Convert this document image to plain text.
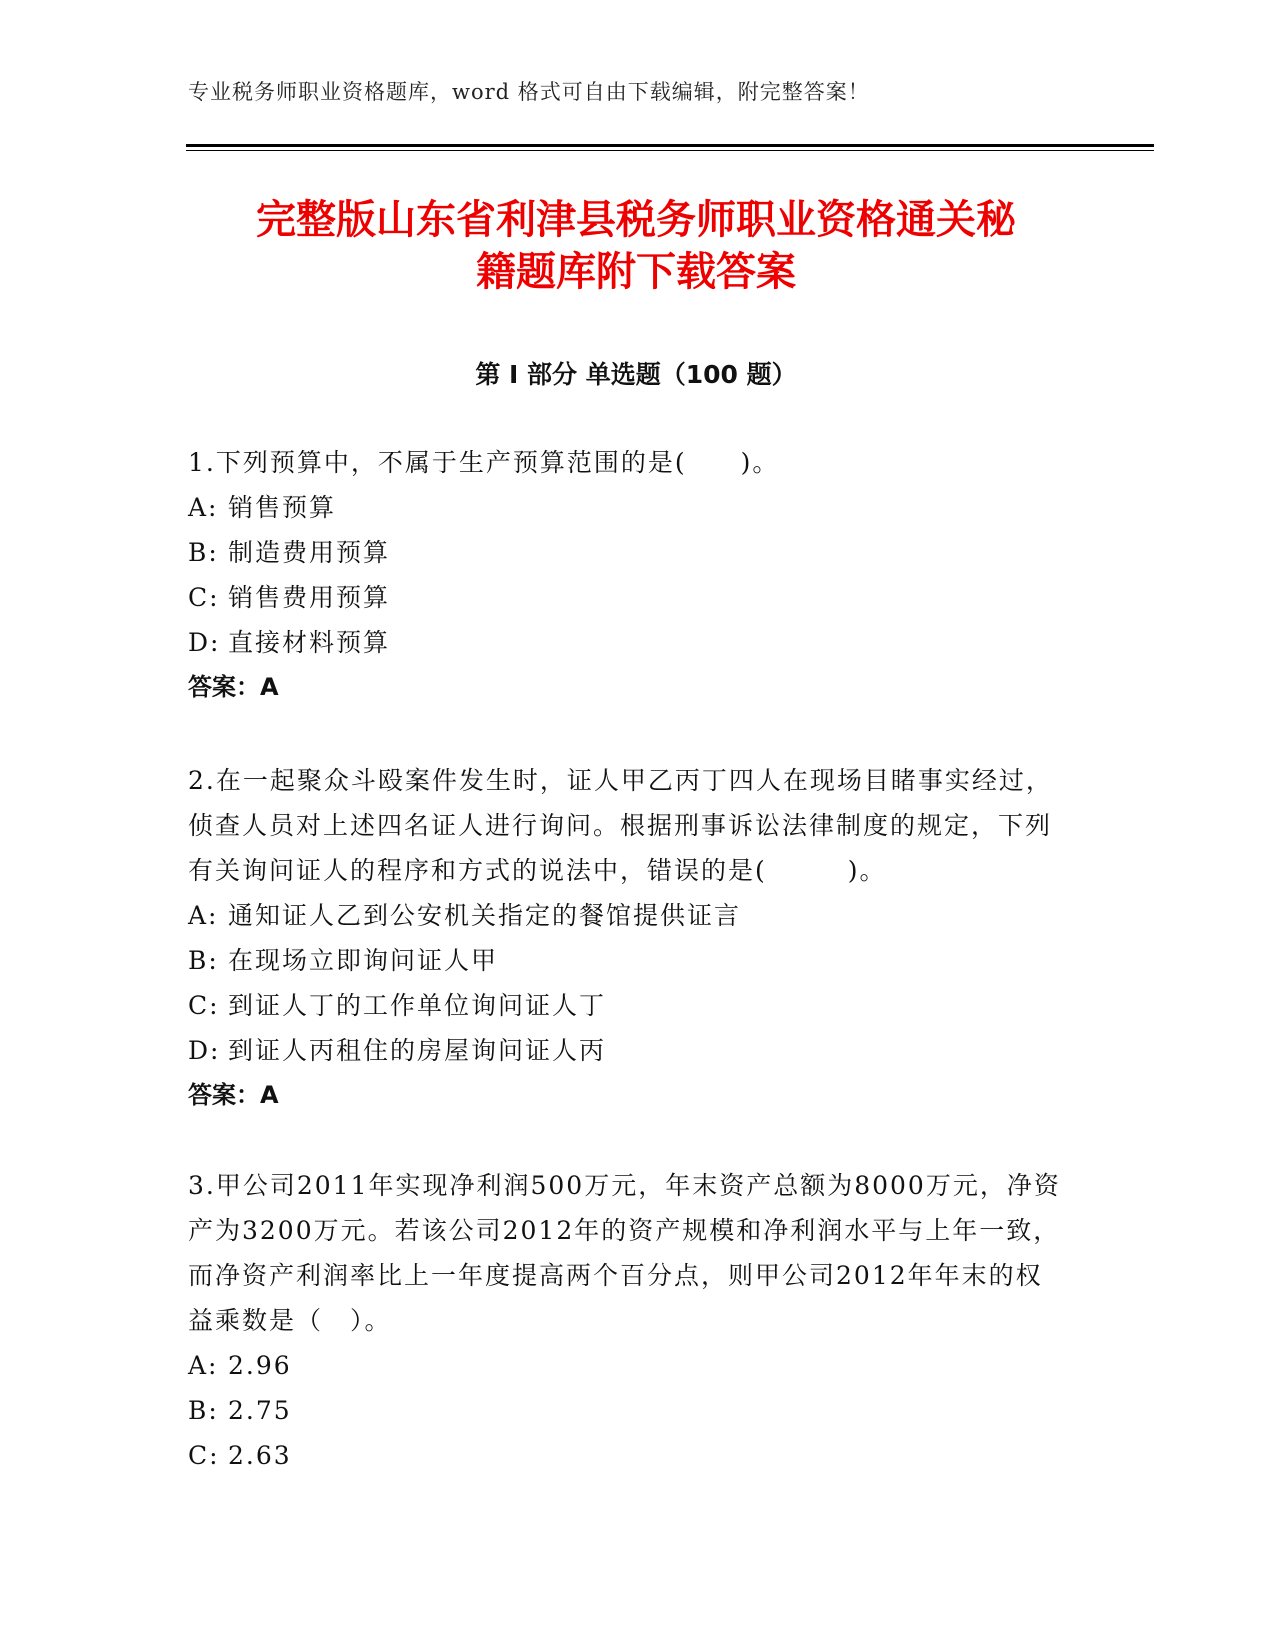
专业税务师职业资格题库，word 格式可自由下载编辑，附完整答案！
完整版山东省利津县税务师职业资格通关秘
籍题库附下载答案
第 I 部分 单选题（100 题）

1.下列预算中，不属于生产预算范围的是(　　)。

A: 销售预算

B: 制造费用预算

C: 销售费用预算

D: 直接材料预算

答案：A

2.在一起聚众斗殴案件发生时，证人甲乙丙丁四人在现场目睹事实经过，侦查人员对上述四名证人进行询问。根据刑事诉讼法律制度的规定，下列有关询问证人的程序和方式的说法中，错误的是(　　　)。

A: 通知证人乙到公安机关指定的餐馆提供证言

B: 在现场立即询问证人甲

C: 到证人丁的工作单位询问证人丁

D: 到证人丙租住的房屋询问证人丙

答案：A

3.甲公司2011年实现净利润500万元，年末资产总额为8000万元，净资产为3200万元。若该公司2012年的资产规模和净利润水平与上年一致，而净资产利润率比上一年度提高两个百分点，则甲公司2012年年末的权益乘数是（　）。

A: 2.96

B: 2.75

C: 2.63
